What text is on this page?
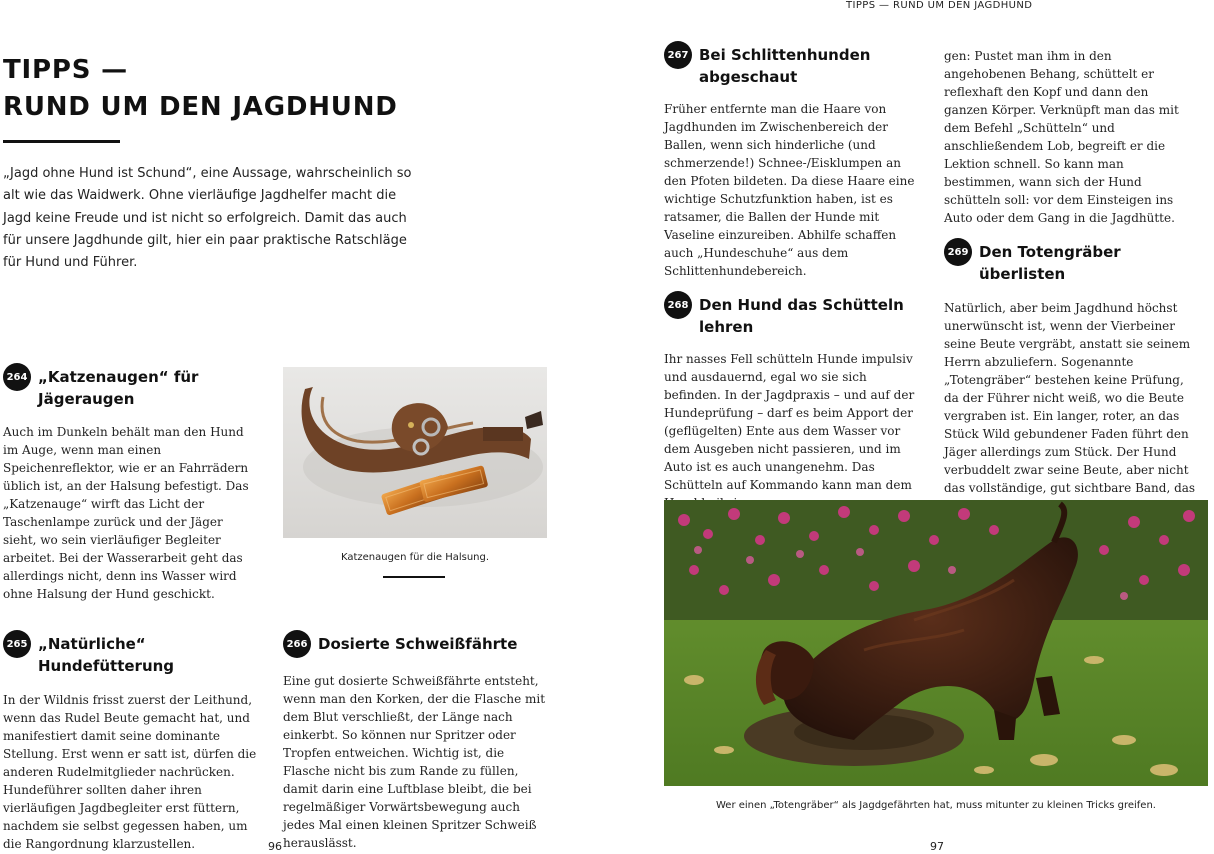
TIPPS — RUND UM DEN JAGDHUND
TIPPS —
RUND UM DEN JAGDHUND
„Jagd ohne Hund ist Schund“, eine Aussage, wahrscheinlich so alt wie das Waidwerk. Ohne vierläufige Jagdhelfer macht die Jagd keine Freude und ist nicht so erfolgreich. Damit das auch für unsere Jagdhunde gilt, hier ein paar praktische Ratschläge für Hund und Führer.
264 „Katzenaugen“ für Jägeraugen
Auch im Dunkeln behält man den Hund im Auge, wenn man einen Speichenreflektor, wie er an Fahrrädern üblich ist, an der Halsung befestigt. Das „Katzenauge“ wirft das Licht der Taschenlampe zurück und der Jäger sieht, wo sein vierläufiger Begleiter arbeitet. Bei der Wasserarbeit geht das allerdings nicht, denn ins Wasser wird ohne Halsung der Hund geschickt.
Katzenaugen für die Halsung.
265 „Natürliche“ Hundefütterung
In der Wildnis frisst zuerst der Leithund, wenn das Rudel Beute gemacht hat, und manifestiert damit seine dominante Stellung. Erst wenn er satt ist, dürfen die anderen Rudelmitglieder nachrücken. Hundeführer sollten daher ihren vierläufigen Jagdbegleiter erst füttern, nachdem sie selbst gegessen haben, um die Rangordnung klarzustellen.
266 Dosierte Schweißfährte
Eine gut dosierte Schweißfährte entsteht, wenn man den Korken, der die Flasche mit dem Blut verschließt, der Länge nach einkerbt. So können nur Spritzer oder Tropfen entweichen. Wichtig ist, die Flasche nicht bis zum Rande zu füllen, damit darin eine Luftblase bleibt, die bei regelmäßiger Vorwärtsbewegung auch jedes Mal einen kleinen Spritzer Schweiß herauslässt.
96
267 Bei Schlittenhunden abgeschaut
Früher entfernte man die Haare von Jagdhunden im Zwischenbereich der Ballen, wenn sich hinderliche (und schmerzende!) Schnee-/Eisklumpen an den Pfoten bildeten. Da diese Haare eine wichtige Schutzfunktion haben, ist es ratsamer, die Ballen der Hunde mit Vaseline einzureiben. Abhilfe schaffen auch „Hundeschuhe“ aus dem Schlittenhundebereich.
268 Den Hund das Schütteln lehren
Ihr nasses Fell schütteln Hunde impulsiv und ausdauernd, egal wo sie sich befinden. In der Jagdpraxis – und auf der Hundeprüfung – darf es beim Apport der (geflügelten) Ente aus dem Wasser vor dem Ausgeben nicht passieren, und im Auto ist es auch unangenehm. Das Schütteln auf Kommando kann man dem
gen: Pustet man ihm in den angehobenen Behang, schüttelt er reflexhaft den Kopf und dann den ganzen Körper. Verknüpft man das mit dem Befehl „Schütteln“ und anschließendem Lob, begreift er die Lektion schnell. So kann man bestimmen, wann sich der Hund schütteln soll: vor dem Einsteigen ins Auto oder dem Gang in die Jagdhütte.
269 Den Totengräber überlisten
Natürlich, aber beim Jagdhund höchst unerwünscht ist, wenn der Vierbeiner seine Beute vergräbt, anstatt sie seinem Herrn abzuliefern. Sogenannte „Totengräber“ bestehen keine Prüfung, da der Führer nicht weiß, wo die Beute vergraben ist. Ein langer, roter, an das Stück Wild gebundener Faden führt den Jäger allerdings zum Stück. Der Hund verbuddelt zwar seine Beute, aber nicht das vollständige, gut sichtbare Band, das
Wer einen „Totengräber“ als Jagdgefährten hat, muss mitunter zu kleinen Tricks greifen.
97
